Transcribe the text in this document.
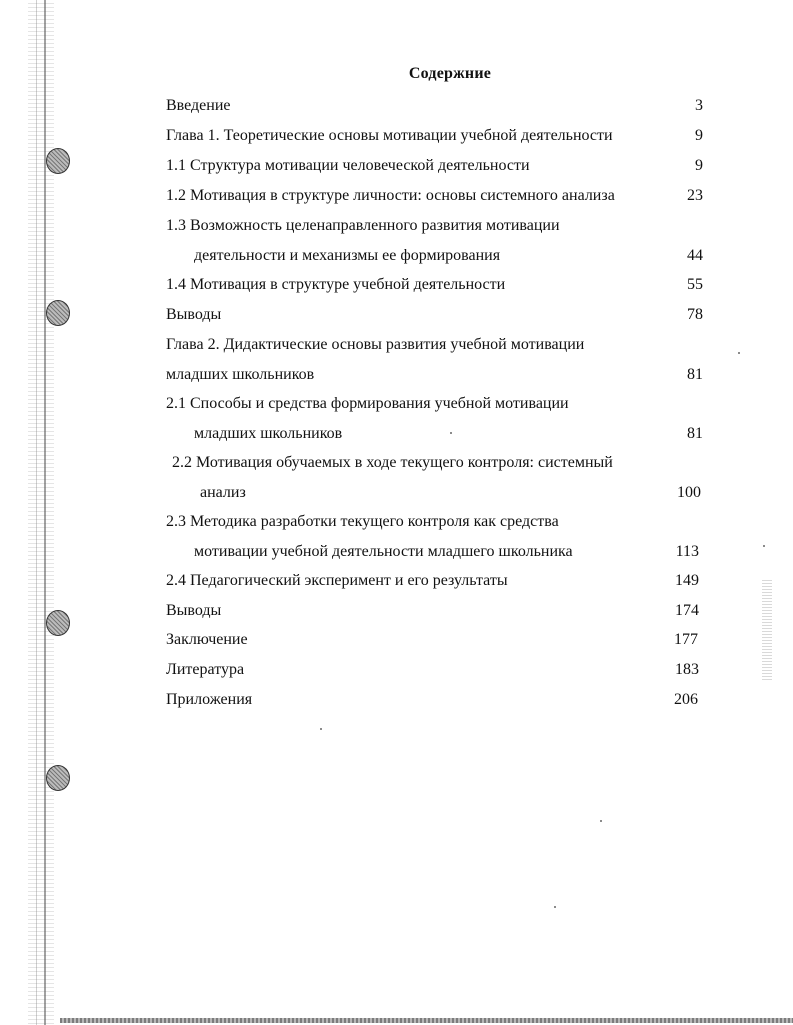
Содержние
Введение	3
Глава 1. Теоретические основы мотивации учебной деятельности	9
1.1 Структура мотивации человеческой деятельности	9
1.2 Мотивация в структуре личности: основы системного анализа	23
1.3 Возможность целенаправленного развития мотивации
деятельности и механизмы ее формирования	44
1.4 Мотивация в структуре учебной деятельности	55
Выводы	78
Глава 2. Дидактические основы развития учебной мотивации
младших школьников	81
2.1 Способы и средства формирования учебной мотивации
младших школьников	81
2.2 Мотивация обучаемых в ходе текущего контроля: системный
анализ	100
2.3 Методика разработки текущего контроля как средства
мотивации учебной деятельности младшего школьника	113
2.4 Педагогический эксперимент и его результаты	149
Выводы	174
Заключение	177
Литература	183
Приложения	206
